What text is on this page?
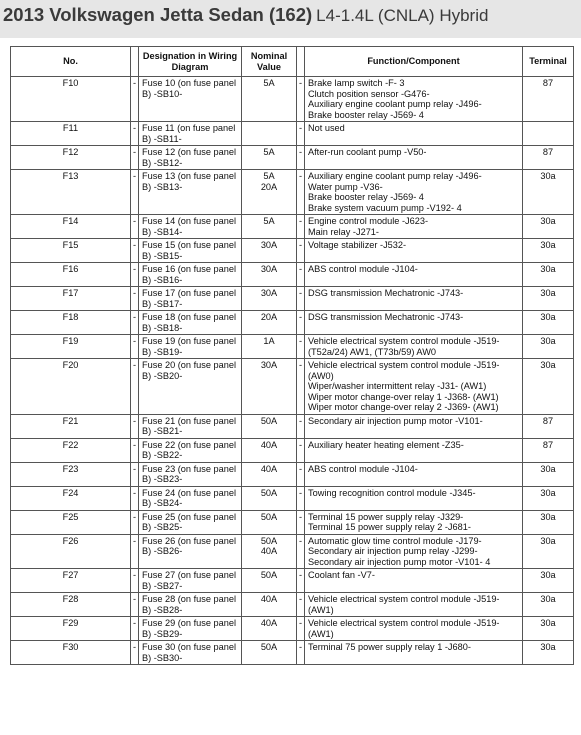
2013 Volkswagen Jetta Sedan (162) L4-1.4L (CNLA) Hybrid
No.		Designation in Wiring Diagram	Nominal Value		Function/Component	Terminal

F10	-	Fuse 10 (on fuse panel
B) -SB10-	5A	-	Brake lamp switch -F- 3
Clutch position sensor -G476-
Auxiliary engine coolant pump relay -J496-
Brake booster relay -J569- 4	87

F11	-	Fuse 11 (on fuse panel
B) -SB11-		-	Not used	

F12	-	Fuse 12 (on fuse panel
B) -SB12-	5A	-	After-run coolant pump -V50-	87

F13	-	Fuse 13 (on fuse panel
B) -SB13-	5A
20A	-	Auxiliary engine coolant pump relay -J496-
Water pump -V36-
Brake booster relay -J569- 4
Brake system vacuum pump -V192- 4	30a

F14	-	Fuse 14 (on fuse panel
B) -SB14-	5A	-	Engine control module -J623-
Main relay -J271-	30a

F15	-	Fuse 15 (on fuse panel
B) -SB15-	30A	-	Voltage stabilizer -J532-	30a

F16	-	Fuse 16 (on fuse panel
B) -SB16-	30A	-	ABS control module -J104-	30a

F17	-	Fuse 17 (on fuse panel
B) -SB17-	30A	-	DSG transmission Mechatronic -J743-	30a

F18	-	Fuse 18 (on fuse panel
B) -SB18-	20A	-	DSG transmission Mechatronic -J743-	30a

F19	-	Fuse 19 (on fuse panel
B) -SB19-	1A	-	Vehicle electrical system control module -J519-
(T52a/24) AW1, (T73b/59) AW0	30a

F20	-	Fuse 20 (on fuse panel
B) -SB20-	30A	-	Vehicle electrical system control module -J519-
(AW0)
Wiper/washer intermittent relay -J31- (AW1)
Wiper motor change-over relay 1 -J368- (AW1)
Wiper motor change-over relay 2 -J369- (AW1)	30a

F21	-	Fuse 21 (on fuse panel
B) -SB21-	50A	-	Secondary air injection pump motor -V101-	87

F22	-	Fuse 22 (on fuse panel
B) -SB22-	40A	-	Auxiliary heater heating element -Z35-	87

F23	-	Fuse 23 (on fuse panel
B) -SB23-	40A	-	ABS control module -J104-	30a

F24	-	Fuse 24 (on fuse panel
B) -SB24-	50A	-	Towing recognition control module -J345-	30a

F25	-	Fuse 25 (on fuse panel
B) -SB25-	50A	-	Terminal 15 power supply relay -J329-
Terminal 15 power supply relay 2 -J681-	30a

F26	-	Fuse 26 (on fuse panel
B) -SB26-	50A
40A	-	Automatic glow time control module -J179-
Secondary air injection pump relay -J299-
Secondary air injection pump motor -V101- 4	30a

F27	-	Fuse 27 (on fuse panel
B) -SB27-	50A	-	Coolant fan -V7-	30a

F28	-	Fuse 28 (on fuse panel
B) -SB28-	40A	-	Vehicle electrical system control module -J519-
(AW1)	30a

F29	-	Fuse 29 (on fuse panel
B) -SB29-	40A	-	Vehicle electrical system control module -J519-
(AW1)	30a

F30	-	Fuse 30 (on fuse panel
B) -SB30-	50A	-	Terminal 75 power supply relay 1 -J680-	30a
